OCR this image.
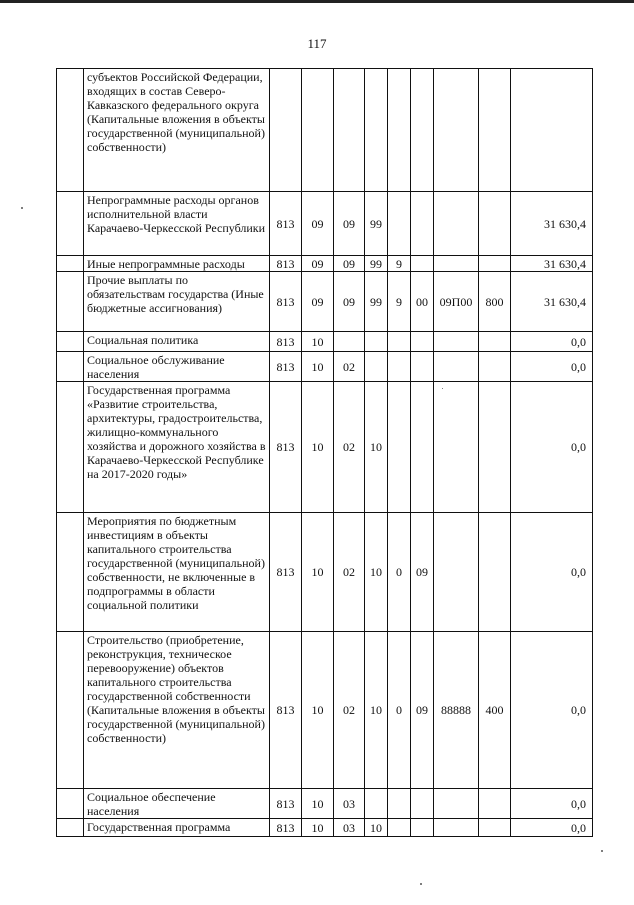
117
	субъектов Российской Федерации, входящих в состав Северо-Кавказского федерального округа (Капитальные вложения в объекты государственной (муниципальной) собственности)									
	Непрограммные расходы органов исполнительной власти Карачаево-Черкесской Республики	813	09	09	99					31 630,4
	Иные непрограммные расходы	813	09	09	99	9				31 630,4
	Прочие выплаты по обязательствам государства (Иные бюджетные ассигнования)	813	09	09	99	9	00	09П00	800	31 630,4
	Социальная политика	813	10							0,0
	Социальное обслуживание населения	813	10	02						0,0
	Государственная программа «Развитие строительства, архитектуры, градостроительства, жилищно-коммунального хозяйства и дорожного хозяйства в Карачаево-Черкесской Республике на 2017-2020 годы»	813	10	02	10					0,0
	Мероприятия по бюджетным инвестициям в объекты капитального строительства государственной (муниципальной) собственности, не включенные в подпрограммы в области социальной политики	813	10	02	10	0	09			0,0
	Строительство (приобретение, реконструкция, техническое перевооружение) объектов капитального строительства государственной собственности (Капитальные вложения в объекты государственной (муниципальной) собственности)	813	10	02	10	0	09	88888	400	0,0
	Социальное обеспечение населения	813	10	03						0,0
	Государственная программа	813	10	03	10					0,0
